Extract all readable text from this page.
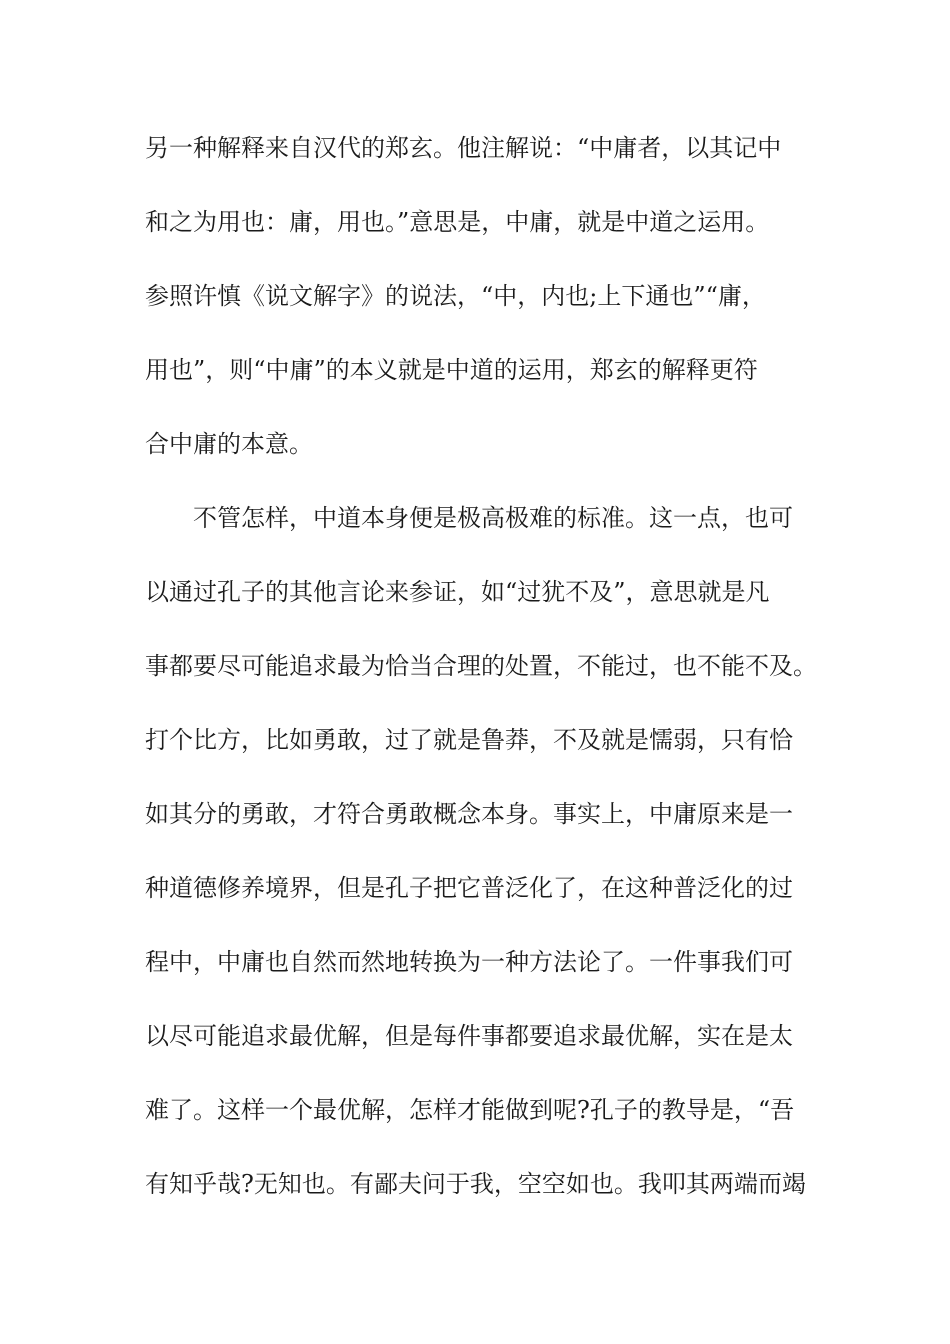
另一种解释来自汉代的郑玄。他注解说：“中庸者，以其记中

和之为用也：庸，用也。”意思是，中庸，就是中道之运用。

参照许慎《说文解字》的说法，“中，内也;上下通也”“庸，

用也”，则“中庸”的本义就是中道的运用，郑玄的解释更符

合中庸的本意。

不管怎样，中道本身便是极高极难的标准。这一点，也可

以通过孔子的其他言论来参证，如“过犹不及”，意思就是凡

事都要尽可能追求最为恰当合理的处置，不能过，也不能不及。

打个比方，比如勇敢，过了就是鲁莽，不及就是懦弱，只有恰

如其分的勇敢，才符合勇敢概念本身。事实上，中庸原来是一

种道德修养境界，但是孔子把它普泛化了，在这种普泛化的过

程中，中庸也自然而然地转换为一种方法论了。一件事我们可

以尽可能追求最优解，但是每件事都要追求最优解，实在是太

难了。这样一个最优解，怎样才能做到呢?孔子的教导是，“吾

有知乎哉?无知也。有鄙夫问于我，空空如也。我叩其两端而竭
